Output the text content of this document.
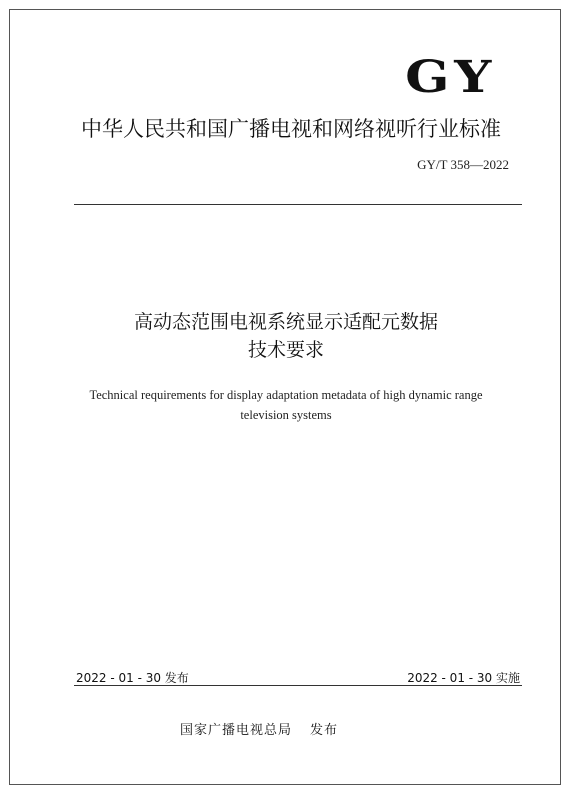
GY
中华人民共和国广播电视和网络视听行业标准
GY/T 358—2022
高动态范围电视系统显示适配元数据
技术要求
Technical requirements for display adaptation metadata of high dynamic range
television systems
2022 - 01 - 30 发布	2022 - 01 - 30 实施
国家广播电视总局 发布
